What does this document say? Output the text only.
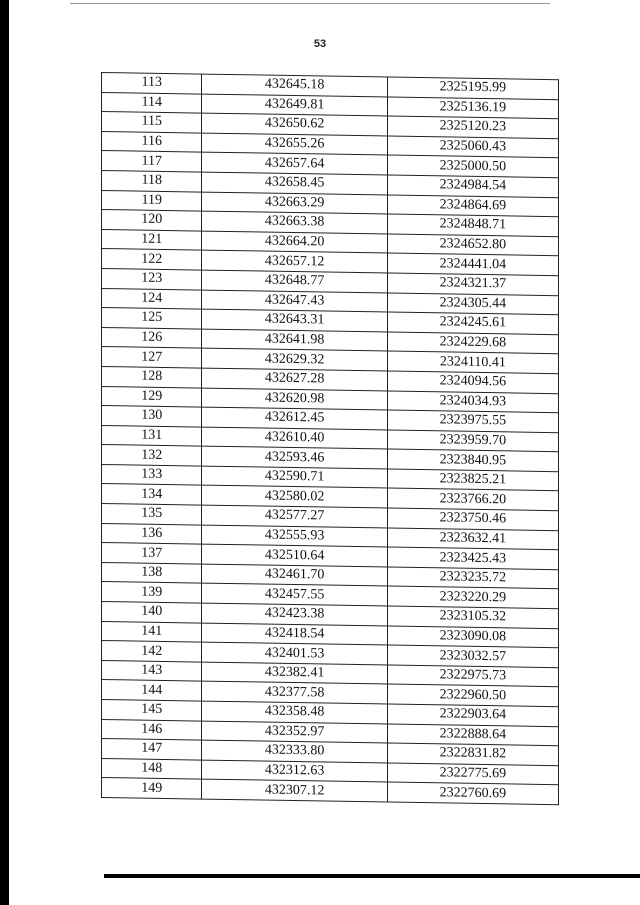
53
113	432645.18	2325195.99
114	432649.81	2325136.19
115	432650.62	2325120.23
116	432655.26	2325060.43
117	432657.64	2325000.50
118	432658.45	2324984.54
119	432663.29	2324864.69
120	432663.38	2324848.71
121	432664.20	2324652.80
122	432657.12	2324441.04
123	432648.77	2324321.37
124	432647.43	2324305.44
125	432643.31	2324245.61
126	432641.98	2324229.68
127	432629.32	2324110.41
128	432627.28	2324094.56
129	432620.98	2324034.93
130	432612.45	2323975.55
131	432610.40	2323959.70
132	432593.46	2323840.95
133	432590.71	2323825.21
134	432580.02	2323766.20
135	432577.27	2323750.46
136	432555.93	2323632.41
137	432510.64	2323425.43
138	432461.70	2323235.72
139	432457.55	2323220.29
140	432423.38	2323105.32
141	432418.54	2323090.08
142	432401.53	2323032.57
143	432382.41	2322975.73
144	432377.58	2322960.50
145	432358.48	2322903.64
146	432352.97	2322888.64
147	432333.80	2322831.82
148	432312.63	2322775.69
149	432307.12	2322760.69
